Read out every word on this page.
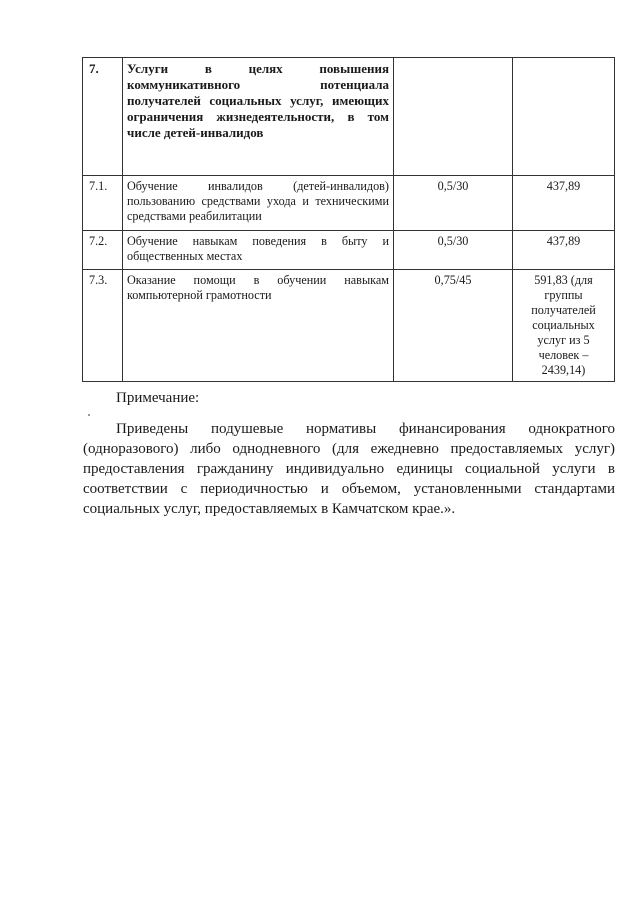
7.	Услуги в целях повышения коммуникативного потенциала получателей социальных услуг, имеющих ограничения жизнедеятельности, в том числе детей-инвалидов		
7.1.	Обучение инвалидов (детей-инвалидов) пользованию средствами ухода и техническими средствами реабилитации	0,5/30	437,89
7.2.	Обучение навыкам поведения в быту и общественных местах	0,5/30	437,89
7.3.	Оказание помощи в обучении навыкам компьютерной грамотности	0,75/45	591,83 (для группы получателей социальных услуг из 5 человек – 2439,14)
Примечание:
Приведены подушевые нормативы финансирования однократного (одноразового) либо однодневного (для ежедневно предоставляемых услуг) предоставления гражданину индивидуально единицы социальной услуги в соответствии с периодичностью и объемом, установленными стандартами социальных услуг, предоставляемых в Камчатском крае.».
